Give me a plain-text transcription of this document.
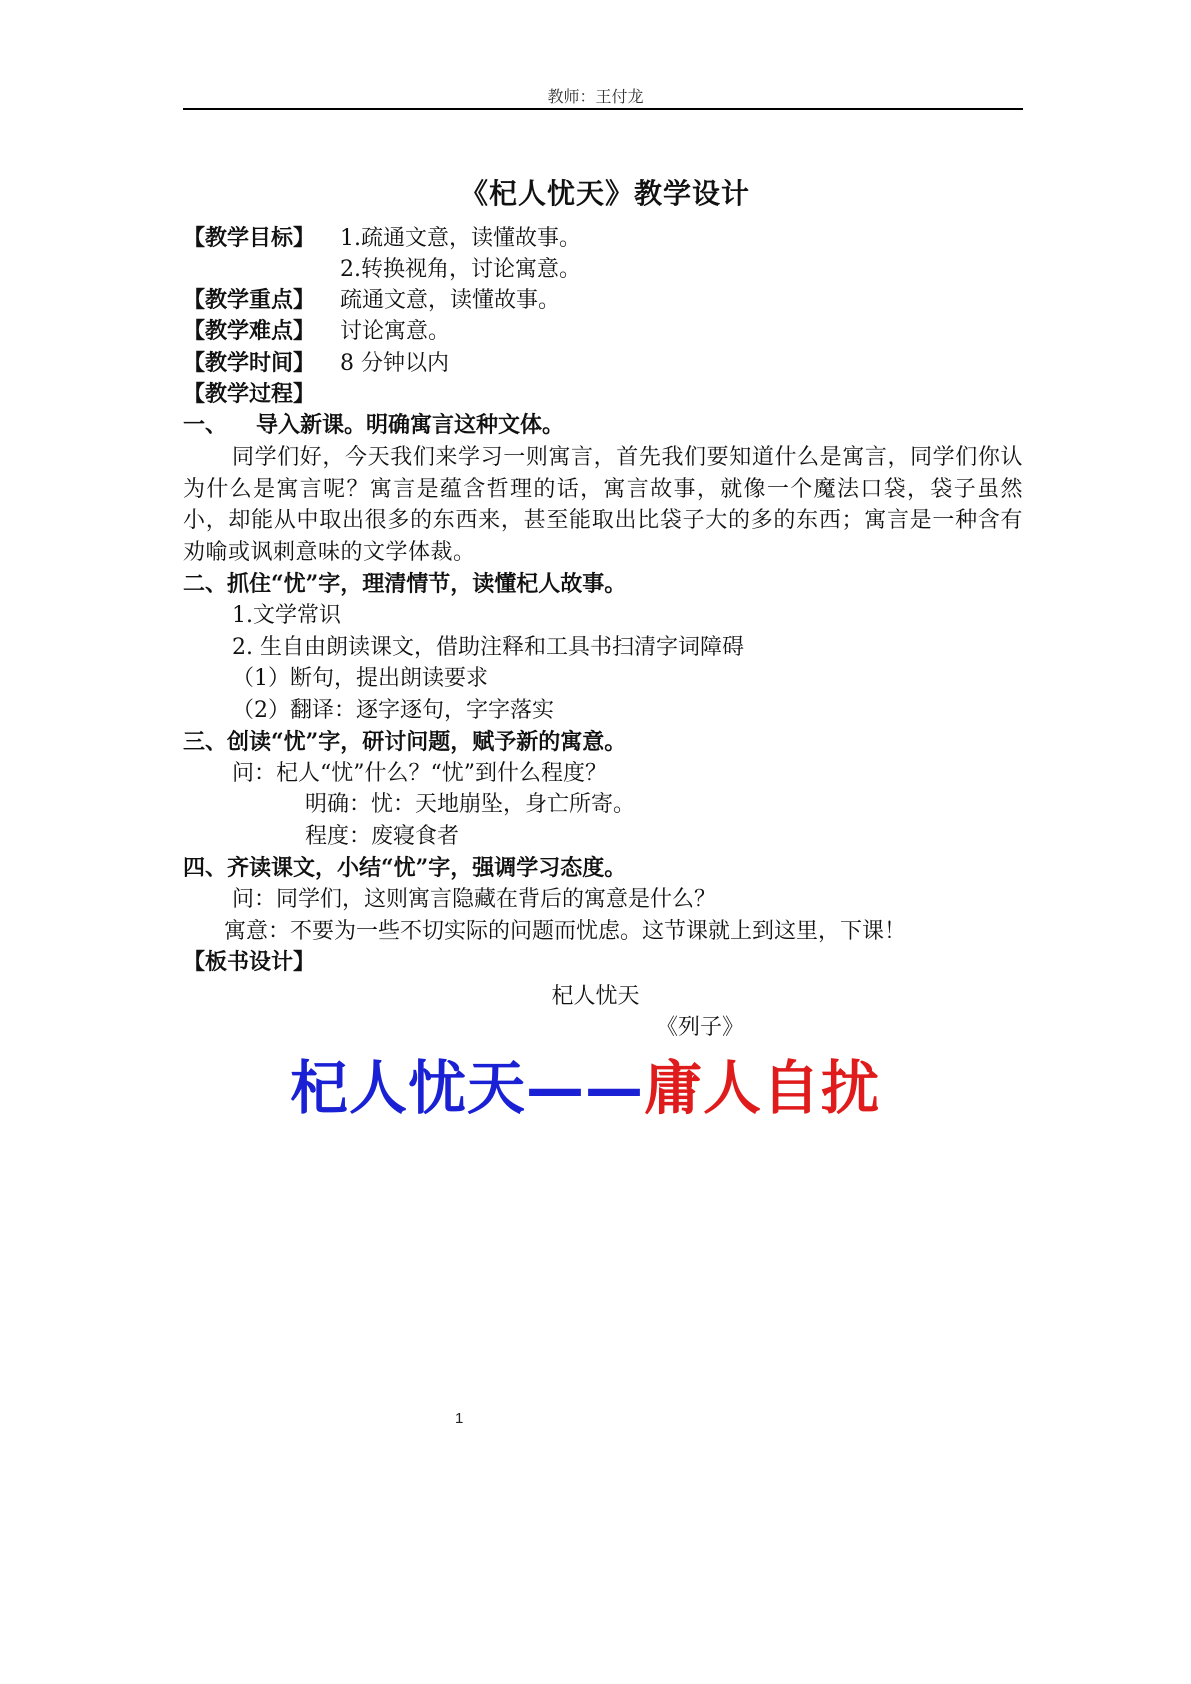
教师：王付龙
《杞人忧天》教学设计
【教学目标】 1.疏通文意，读懂故事。
2.转换视角，讨论寓意。
【教学重点】 疏通文意，读懂故事。
【教学难点】 讨论寓意。
【教学时间】 8 分钟以内
【教学过程】
一、 导入新课。明确寓言这种文体。
同学们好，今天我们来学习一则寓言，首先我们要知道什么是寓言，同学们你认为什么是寓言呢？寓言是蕴含哲理的话，寓言故事，就像一个魔法口袋，袋子虽然小，却能从中取出很多的东西来，甚至能取出比袋子大的多的东西；寓言是一种含有劝喻或讽刺意味的文学体裁。
二、抓住“忧”字，理清情节，读懂杞人故事。
1.文学常识
2. 生自由朗读课文，借助注释和工具书扫清字词障碍
（1）断句，提出朗读要求
（2）翻译：逐字逐句，字字落实
三、创读“忧”字，研讨问题，赋予新的寓意。
问：杞人“忧”什么？“忧”到什么程度？
明确：忧：天地崩坠，身亡所寄。
程度：废寝食者
四、齐读课文，小结“忧”字，强调学习态度。
问：同学们，这则寓言隐藏在背后的寓意是什么？
寓意：不要为一些不切实际的问题而忧虑。这节课就上到这里，下课！
【板书设计】
杞人忧天
《列子》
杞人忧天——庸人自扰
1
